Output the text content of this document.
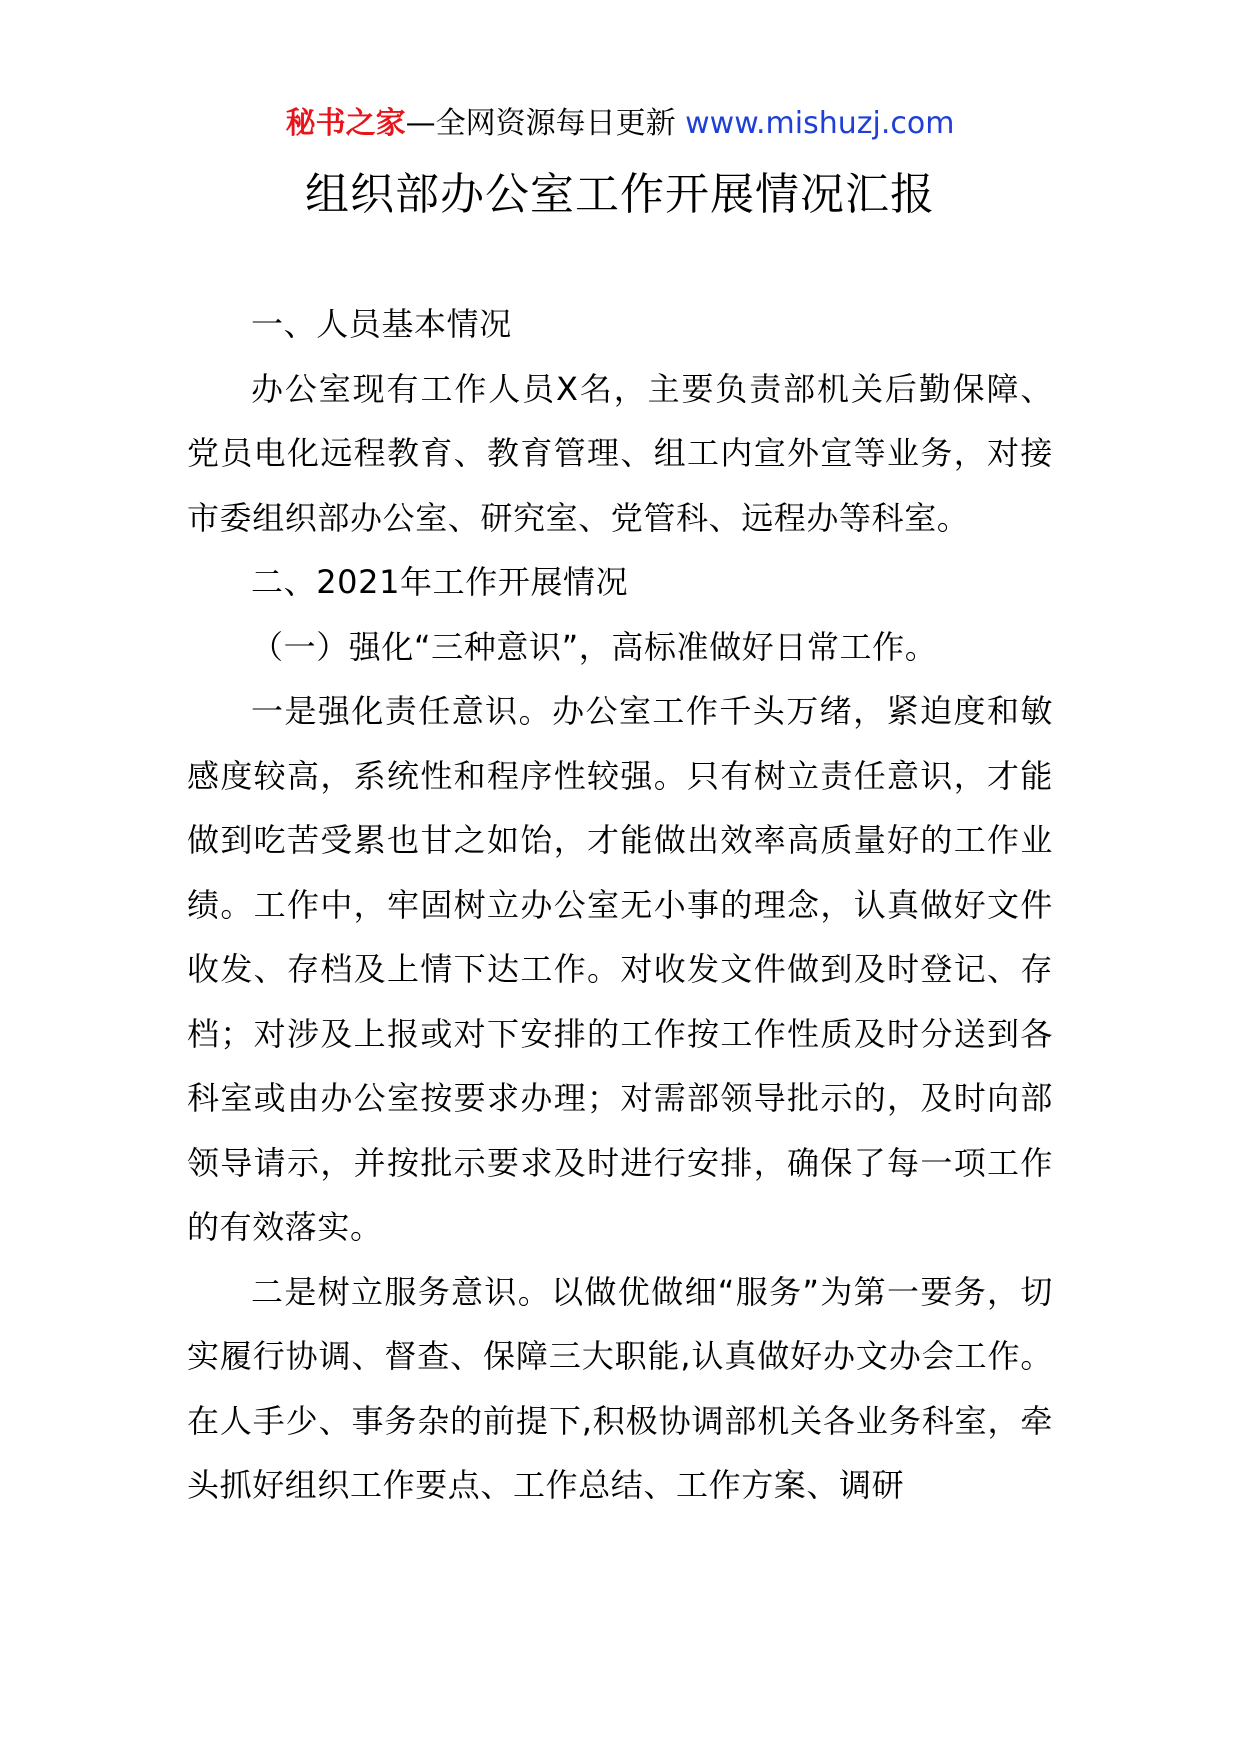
秘书之家—全网资源每日更新 www.mishuzj.com
组织部办公室工作开展情况汇报

一、人员基本情况

办公室现有工作人员X名，主要负责部机关后勤保障、党员电化远程教育、教育管理、组工内宣外宣等业务，对接市委组织部办公室、研究室、党管科、远程办等科室。

二、2021年工作开展情况

（一）强化“三种意识”，高标准做好日常工作。

一是强化责任意识。办公室工作千头万绪，紧迫度和敏感度较高，系统性和程序性较强。只有树立责任意识，才能做到吃苦受累也甘之如饴，才能做出效率高质量好的工作业绩。工作中，牢固树立办公室无小事的理念，认真做好文件收发、存档及上情下达工作。对收发文件做到及时登记、存档；对涉及上报或对下安排的工作按工作性质及时分送到各科室或由办公室按要求办理；对需部领导批示的，及时向部领导请示，并按批示要求及时进行安排，确保了每一项工作的有效落实。

二是树立服务意识。以做优做细“服务”为第一要务，切实履行协调、督查、保障三大职能,认真做好办文办会工作。在人手少、事务杂的前提下,积极协调部机关各业务科室，牵头抓好组织工作要点、工作总结、工作方案、调研
